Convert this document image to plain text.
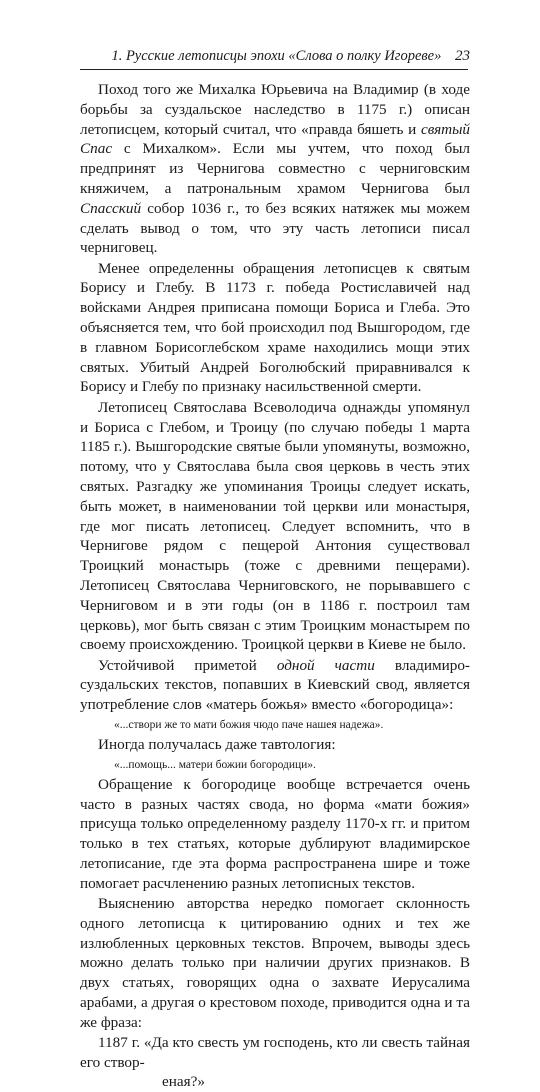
1. Русские летописцы эпохи «Слова о полку Игореве» 23

Поход того же Михалка Юрьевича на Владимир (в ходе борьбы за суздальское наследство в 1175 г.) описан летописцем, который считал, что «правда бяшеть и святый Спас с Михалком». Если мы учтем, что поход был предпринят из Чернигова совместно с черниговским княжичем, а патрональным храмом Чернигова был Спасский собор 1036 г., то без всяких натяжек мы можем сделать вывод о том, что эту часть летописи писал черниговец.

Менее определенны обращения летописцев к святым Борису и Глебу. В 1173 г. победа Ростиславичей над войсками Андрея приписана помощи Бориса и Глеба. Это объясняется тем, что бой происходил под Вышгородом, где в главном Борисоглебском храме находились мощи этих святых. Убитый Андрей Боголюбский приравнивался к Борису и Глебу по признаку насильственной смерти.

Летописец Святослава Всеволодича однажды упомянул и Бориса с Глебом, и Троицу (по случаю победы 1 марта 1185 г.). Вышгородские святые были упомянуты, возможно, потому, что у Святослава была своя церковь в честь этих святых. Разгадку же упоминания Троицы следует искать, быть может, в наименовании той церкви или монастыря, где мог писать летописец. Следует вспомнить, что в Чернигове рядом с пещерой Антония существовал Троицкий монастырь (тоже с древними пещерами). Летописец Святослава Черниговского, не порывавшего с Черниговом и в эти годы (он в 1186 г. построил там церковь), мог быть связан с этим Троицким монастырем по своему происхождению. Троицкой церкви в Киеве не было.

Устойчивой приметой одной части владимиро-суздальских текстов, попавших в Киевский свод, является употребление слов «матерь божья» вместо «богородица»:

«...створи же то мати божия чюдо паче нашея надежа».

Иногда получалась даже тавтология:

«...помощь... матери божии богородици».

Обращение к богородице вообще встречается очень часто в разных частях свода, но форма «мати божия» присуща только определенному разделу 1170-х гг. и притом только в тех статьях, которые дублируют владимирское летописание, где эта форма распространена шире и тоже помогает расчленению разных летописных текстов.

Выяснению авторства нередко помогает склонность одного летописца к цитированию одних и тех же излюбленных церковных текстов. Впрочем, выводы здесь можно делать только при наличии других признаков. В двух статьях, говорящих одна о захвате Иерусалима арабами, а другая о крестовом походе, приводится одна и та же фраза:

1187 г. «Да кто свесть ум господень, кто ли свесть тайная его створ-

еная?»
